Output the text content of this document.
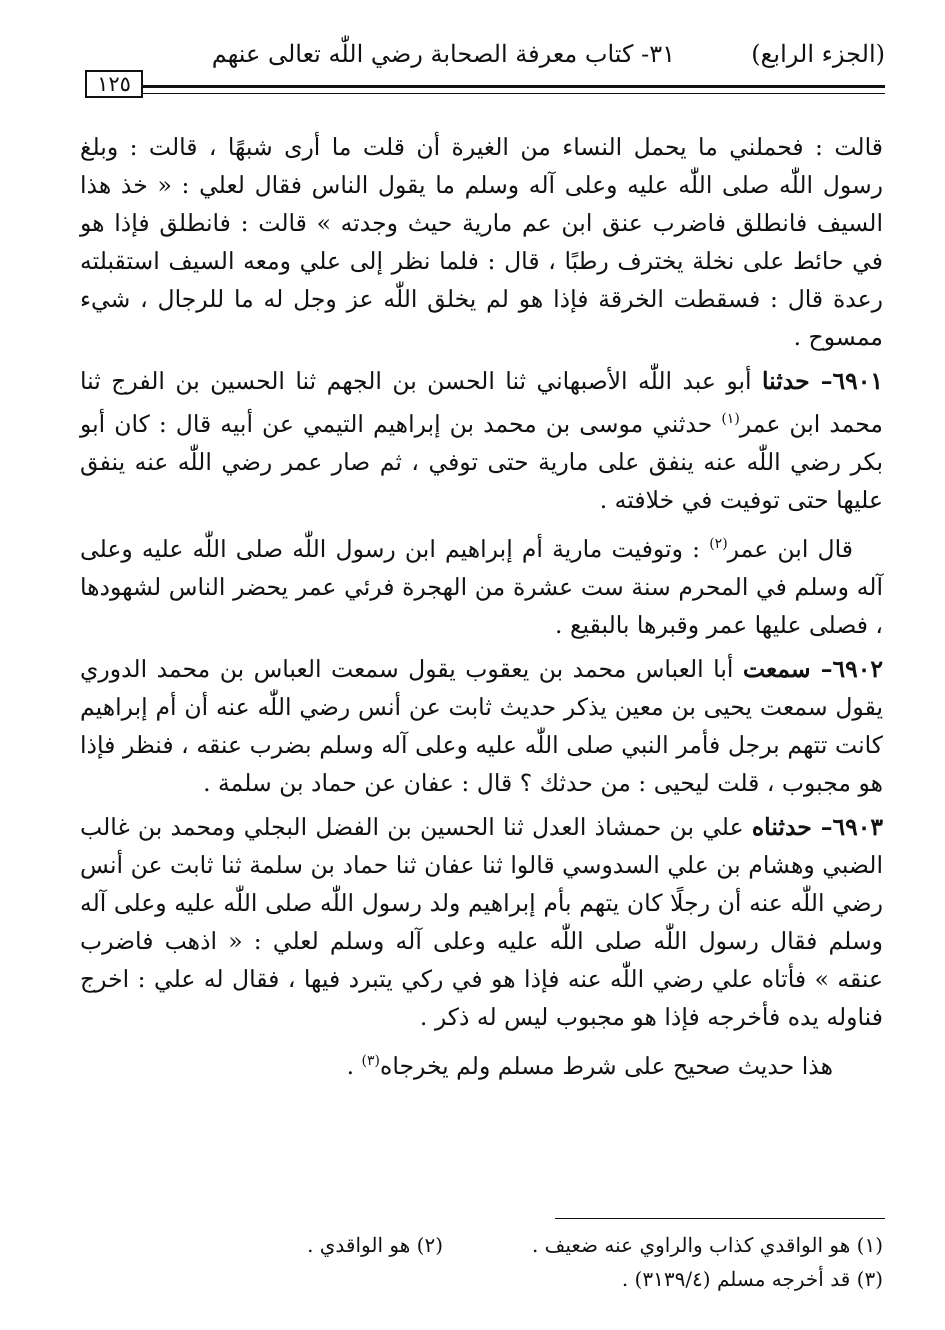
(الجزء الرابع)
٣١- كتاب معرفة الصحابة رضي اللّٰه تعالى عنهم
١٢٥

قالت : فحملني ما يحمل النساء من الغيرة أن قلت ما أرى شبهًا ، قالت : وبلغ رسول اللّٰه صلى اللّٰه عليه وعلى آله وسلم ما يقول الناس فقال لعلي : « خذ هذا السيف فانطلق فاضرب عنق ابن عم مارية حيث وجدته » قالت : فانطلق فإذا هو في حائط على نخلة يخترف رطبًا ، قال : فلما نظر إلى علي ومعه السيف استقبلته رعدة قال : فسقطت الخرقة فإذا هو لم يخلق اللّٰه عز وجل له ما للرجال ، شيء ممسوح .

٦٩٠١– حدثنا أبو عبد اللّٰه الأصبهاني ثنا الحسن بن الجهم ثنا الحسين بن الفرج ثنا محمد ابن عمر$^{(١)}$ حدثني موسى بن محمد بن إبراهيم التيمي عن أبيه قال : كان أبو بكر رضي اللّٰه عنه ينفق على مارية حتى توفي ، ثم صار عمر رضي اللّٰه عنه ينفق عليها حتى توفيت في خلافته .

قال ابن عمر$^{(٢)}$ : وتوفيت مارية أم إبراهيم ابن رسول اللّٰه صلى اللّٰه عليه وعلى آله وسلم في المحرم سنة ست عشرة من الهجرة فرئي عمر يحضر الناس لشهودها ، فصلى عليها عمر وقبرها بالبقيع .

٦٩٠٢– سمعت أبا العباس محمد بن يعقوب يقول سمعت العباس بن محمد الدوري يقول سمعت يحيى بن معين يذكر حديث ثابت عن أنس رضي اللّٰه عنه أن أم إبراهيم كانت تتهم برجل فأمر النبي صلى اللّٰه عليه وعلى آله وسلم بضرب عنقه ، فنظر فإذا هو مجبوب ، قلت ليحيى : من حدثك ؟ قال : عفان عن حماد بن سلمة .

٦٩٠٣– حدثناه علي بن حمشاذ العدل ثنا الحسين بن الفضل البجلي ومحمد بن غالب الضبي وهشام بن علي السدوسي قالوا ثنا عفان ثنا حماد بن سلمة ثنا ثابت عن أنس رضي اللّٰه عنه أن رجلًا كان يتهم بأم إبراهيم ولد رسول اللّٰه صلى اللّٰه عليه وعلى آله وسلم فقال رسول اللّٰه صلى اللّٰه عليه وعلى آله وسلم لعلي : « اذهب فاضرب عنقه » فأتاه علي رضي اللّٰه عنه فإذا هو في ركي يتبرد فيها ، فقال له علي : اخرج فناوله يده فأخرجه فإذا هو مجبوب ليس له ذكر .

هذا حديث صحيح على شرط مسلم ولم يخرجاه$^{(٣)}$ .

(١) هو الواقدي كذاب والراوي عنه ضعيف .
(٢) هو الواقدي .
(٣) قد أخرجه مسلم (٣١٣٩/٤) .
